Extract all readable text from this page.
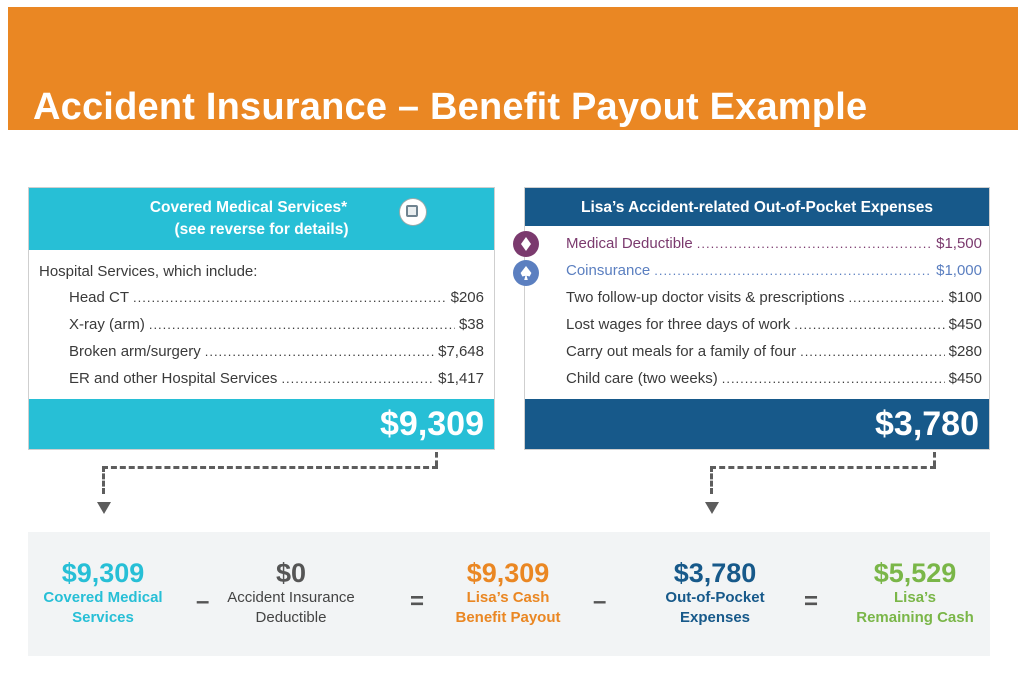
Accident Insurance – Benefit Payout Example
Covered Medical Services*
(see reverse for details)
Hospital Services, which include:
Head CT .....	$206
X-ray (arm) .....	$38
Broken arm/surgery .....	$7,648
ER and other Hospital Services .....	$1,417
$9,309
Lisa’s Accident-related Out-of-Pocket Expenses
Medical Deductible .....	$1,500
Coinsurance .....	$1,000
Two follow-up doctor visits & prescriptions .....	$100
Lost wages for three days of work .....	$450
Carry out meals for a family of four .....	$280
Child care (two weeks) .....	$450
$3,780
$9,309
Covered Medical
Services
–
$0
Accident Insurance
Deductible
=
$9,309
Lisa’s Cash
Benefit Payout
–
$3,780
Out-of-Pocket
Expenses
=
$5,529
Lisa’s
Remaining Cash
